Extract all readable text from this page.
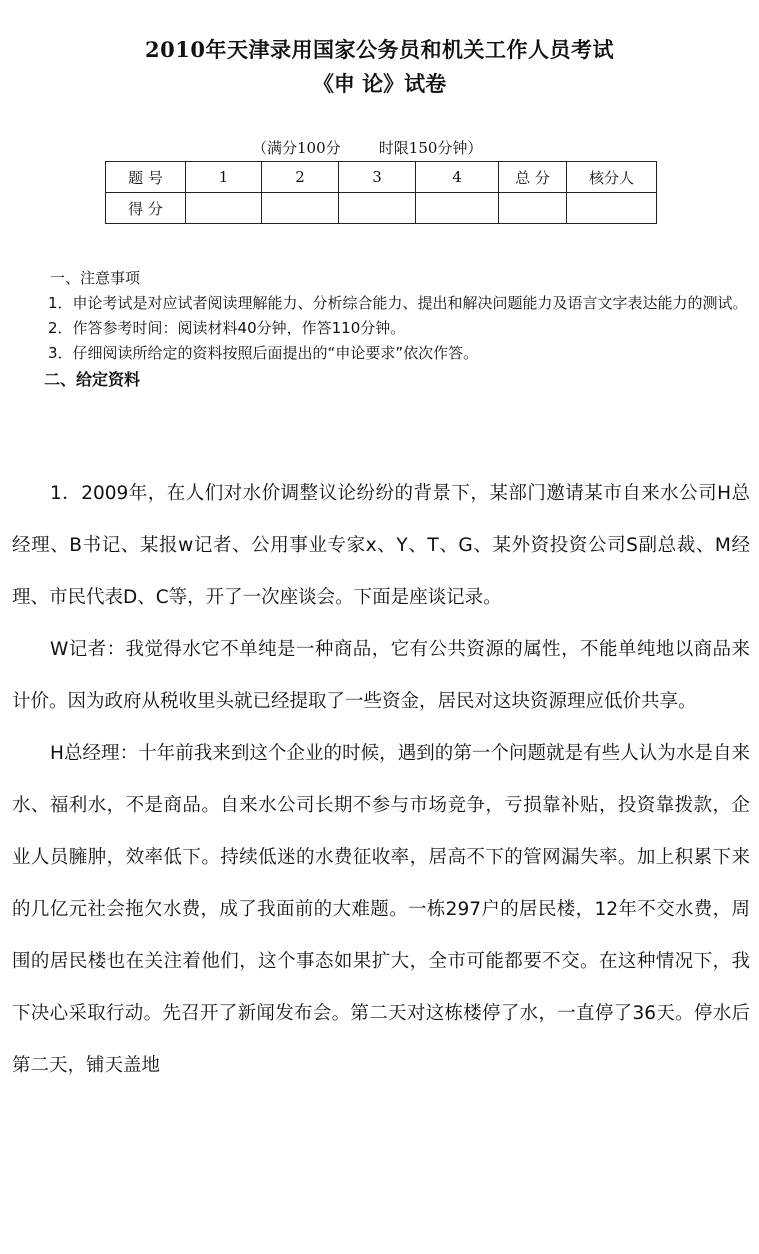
2010年天津录用国家公务员和机关工作人员考试
《申 论》试卷
（满分100分        时限150分钟）
题 号	1	2	3	4	总 分	核分人
得 分						

一、注意事项

1．申论考试是对应试者阅读理解能力、分析综合能力、提出和解决问题能力及语言文字表达能力的测试。

2．作答参考时间：阅读材料40分钟，作答110分钟。

3．仔细阅读所给定的资料按照后面提出的“申论要求”依次作答。

二、给定资料

1．2009年，在人们对水价调整议论纷纷的背景下，某部门邀请某市自来水公司H总经理、B书记、某报w记者、公用事业专家x、Y、T、G、某外资投资公司S副总裁、M经理、市民代表D、C等，开了一次座谈会。下面是座谈记录。

W记者：我觉得水它不单纯是一种商品，它有公共资源的属性，不能单纯地以商品来计价。因为政府从税收里头就已经提取了一些资金，居民对这块资源理应低价共享。

H总经理：十年前我来到这个企业的时候，遇到的第一个问题就是有些人认为水是自来水、福利水，不是商品。自来水公司长期不参与市场竞争，亏损靠补贴，投资靠拨款，企业人员臃肿，效率低下。持续低迷的水费征收率，居高不下的管网漏失率。加上积累下来的几亿元社会拖欠水费，成了我面前的大难题。一栋297户的居民楼，12年不交水费，周围的居民楼也在关注着他们，这个事态如果扩大，全市可能都要不交。在这种情况下，我下决心采取行动。先召开了新闻发布会。第二天对这栋楼停了水，一直停了36天。停水后第二天，铺天盖地
